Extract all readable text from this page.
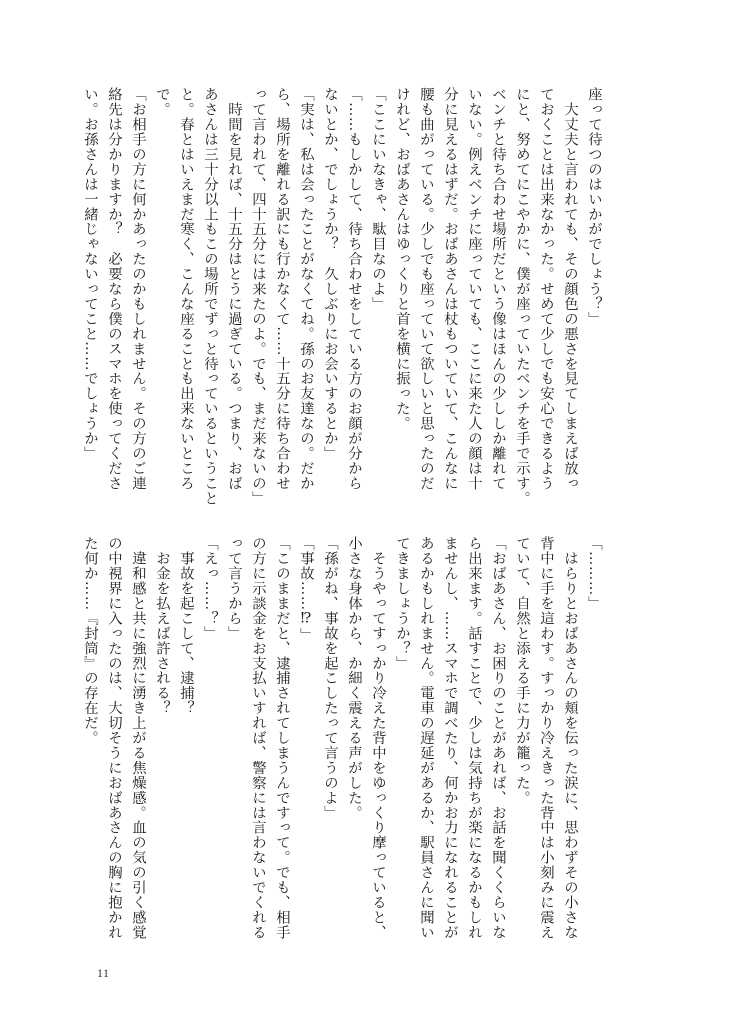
座って待つのはいかがでしょう？」

　大丈夫と言われても、その顔色の悪さを見てしまえば放っ

ておくことは出来なかった。せめて少しでも安心できるよう

にと、努めてにこやかに、僕が座っていたベンチを手で示す。

ベンチと待ち合わせ場所だという像はほんの少ししか離れて

いない。例えベンチに座っていても、ここに来た人の顔は十

分に見えるはずだ。おばあさんは杖もついていて、こんなに

腰も曲がっている。少しでも座っていて欲しいと思ったのだ

けれど、おばあさんはゆっくりと首を横に振った。

「ここにいなきゃ、駄目なのよ」

「……もしかして、待ち合わせをしている方のお顔が分から

ないとか、でしょうか？　久しぶりにお会いするとか」

「実は、私は会ったことがなくてね。孫のお友達なの。だか

ら、場所を離れる訳にも行かなくて……十五分に待ち合わせ

って言われて、四十五分には来たのよ。でも、まだ来ないの」

　時間を見れば、十五分はとうに過ぎている。つまり、おば

あさんは三十分以上もこの場所でずっと待っているということ

と。春とはいえまだ寒く、こんな座ることも出来ないところ

で。

「お相手の方に何かあったのかもしれません。その方のご連

絡先は分かりますか？　必要なら僕のスマホを使ってくださ

い。お孫さんは一緒じゃないってこと……でしょうか」

「………」

　はらりとおばあさんの頬を伝った涙に、思わずその小さな

背中に手を這わす。すっかり冷えきった背中は小刻みに震え

ていて、自然と添える手に力が籠った。

「おばあさん、お困りのことがあれば、お話を聞くくらいな

ら出来ます。話すことで、少しは気持ちが楽になるかもしれ

ませんし、……スマホで調べたり、何かお力になれることが

あるかもしれません。電車の遅延があるか、駅員さんに聞い

てきましょうか？」

　そうやってすっかり冷えた背中をゆっくり摩っていると、

小さな身体から、か細く震える声がした。

「孫がね、事故を起こしたって言うのよ」

「事故……⁉」

「このままだと、逮捕されてしまうんですって。でも、相手

の方に示談金をお支払いすれば、警察には言わないでくれる

って言うから」

「えっ……？」

　事故を起こして、逮捕？

　お金を払えば許される？

　違和感と共に強烈に湧き上がる焦燥感。血の気の引く感覚

の中視界に入ったのは、大切そうにおばあさんの胸に抱かれ

た何か……『封筒』の存在だ。

11
